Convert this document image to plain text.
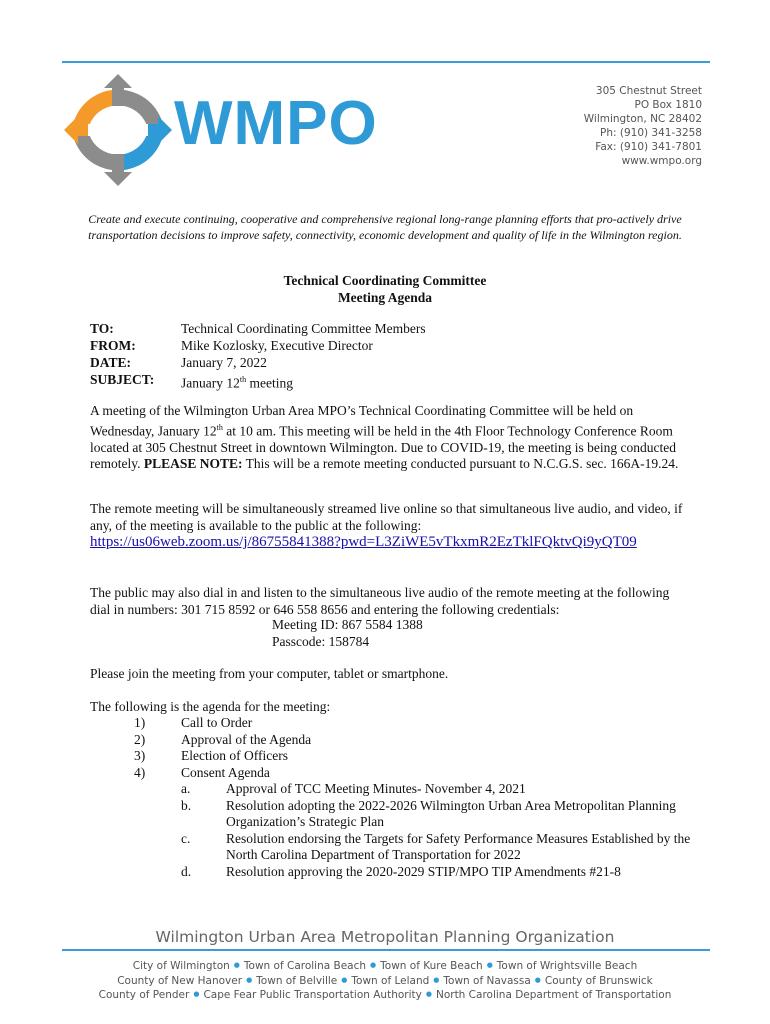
WMPO	305 Chestnut Street
PO Box 1810
Wilmington, NC 28402
Ph: (910) 341-3258
Fax: (910) 341-7801
www.wmpo.org
Create and execute continuing, cooperative and comprehensive regional long-range planning efforts that pro-actively drive transportation decisions to improve safety, connectivity, economic development and quality of life in the Wilmington region.
Technical Coordinating Committee
Meeting Agenda
TO:	Technical Coordinating Committee Members
FROM:	Mike Kozlosky, Executive Director
DATE:	January 7, 2022
SUBJECT:	January 12th meeting
A meeting of the Wilmington Urban Area MPO’s Technical Coordinating Committee will be held on Wednesday, January 12th at 10 am. This meeting will be held in the 4th Floor Technology Conference Room located at 305 Chestnut Street in downtown Wilmington. Due to COVID-19, the meeting is being conducted remotely. PLEASE NOTE: This will be a remote meeting conducted pursuant to N.C.G.S. sec. 166A-19.24.
The remote meeting will be simultaneously streamed live online so that simultaneous live audio, and video, if any, of the meeting is available to the public at the following:
https://us06web.zoom.us/j/86755841388?pwd=L3ZiWE5vTkxmR2EzTklFQktvQi9yQT09
The public may also dial in and listen to the simultaneous live audio of the remote meeting at the following dial in numbers: 301 715 8592 or 646 558 8656 and entering the following credentials:
Meeting ID: 867 5584 1388
Passcode: 158784
Please join the meeting from your computer, tablet or smartphone.
The following is the agenda for the meeting:
1)	Call to Order
2)	Approval of the Agenda
3)	Election of Officers
4)	Consent Agenda
a.	Approval of TCC Meeting Minutes- November 4, 2021
b.	Resolution adopting the 2022-2026 Wilmington Urban Area Metropolitan Planning Organization’s Strategic Plan
c.	Resolution endorsing the Targets for Safety Performance Measures Established by the North Carolina Department of Transportation for 2022
d.	Resolution approving the 2020-2029 STIP/MPO TIP Amendments #21-8
Wilmington Urban Area Metropolitan Planning Organization
City of Wilmington ● Town of Carolina Beach ● Town of Kure Beach ● Town of Wrightsville Beach
County of New Hanover ● Town of Belville ● Town of Leland ● Town of Navassa ● County of Brunswick
County of Pender ● Cape Fear Public Transportation Authority ● North Carolina Department of Transportation
